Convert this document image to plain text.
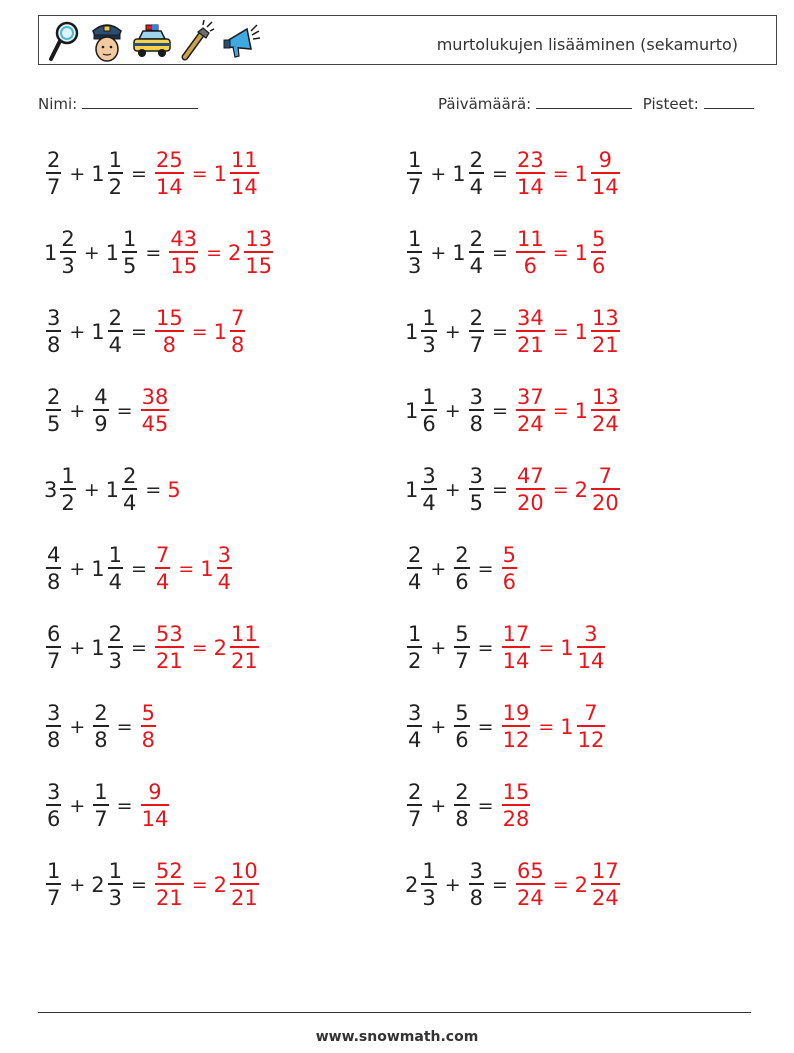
murtolukujen lisääminen (sekamurto)
Nimi:	Päivämäärä:	Pisteet:
$\frac{2}{7} + 1 \frac{1}{2} = \frac{25}{14} = 1 \frac{11}{14}$	$\frac{1}{7} + 1 \frac{2}{4} = \frac{23}{14} = 1 \frac{9}{14}$
$1 \frac{2}{3} + 1 \frac{1}{5} = \frac{43}{15} = 2 \frac{13}{15}$	$\frac{1}{3} + 1 \frac{2}{4} = \frac{11}{6} = 1 \frac{5}{6}$
$\frac{3}{8} + 1 \frac{2}{4} = \frac{15}{8} = 1 \frac{7}{8}$	$1 \frac{1}{3} + \frac{2}{7} = \frac{34}{21} = 1 \frac{13}{21}$
$\frac{2}{5} + \frac{4}{9} = \frac{38}{45}$	$1 \frac{1}{6} + \frac{3}{8} = \frac{37}{24} = 1 \frac{13}{24}$
$3 \frac{1}{2} + 1 \frac{2}{4} = 5$	$1 \frac{3}{4} + \frac{3}{5} = \frac{47}{20} = 2 \frac{7}{20}$
$\frac{4}{8} + 1 \frac{1}{4} = \frac{7}{4} = 1 \frac{3}{4}$	$\frac{2}{4} + \frac{2}{6} = \frac{5}{6}$
$\frac{6}{7} + 1 \frac{2}{3} = \frac{53}{21} = 2 \frac{11}{21}$	$\frac{1}{2} + \frac{5}{7} = \frac{17}{14} = 1 \frac{3}{14}$
$\frac{3}{8} + \frac{2}{8} = \frac{5}{8}$	$\frac{3}{4} + \frac{5}{6} = \frac{19}{12} = 1 \frac{7}{12}$
$\frac{3}{6} + \frac{1}{7} = \frac{9}{14}$	$\frac{2}{7} + \frac{2}{8} = \frac{15}{28}$
$\frac{1}{7} + 2 \frac{1}{3} = \frac{52}{21} = 2 \frac{10}{21}$	$2 \frac{1}{3} + \frac{3}{8} = \frac{65}{24} = 2 \frac{17}{24}$
www.snowmath.com
